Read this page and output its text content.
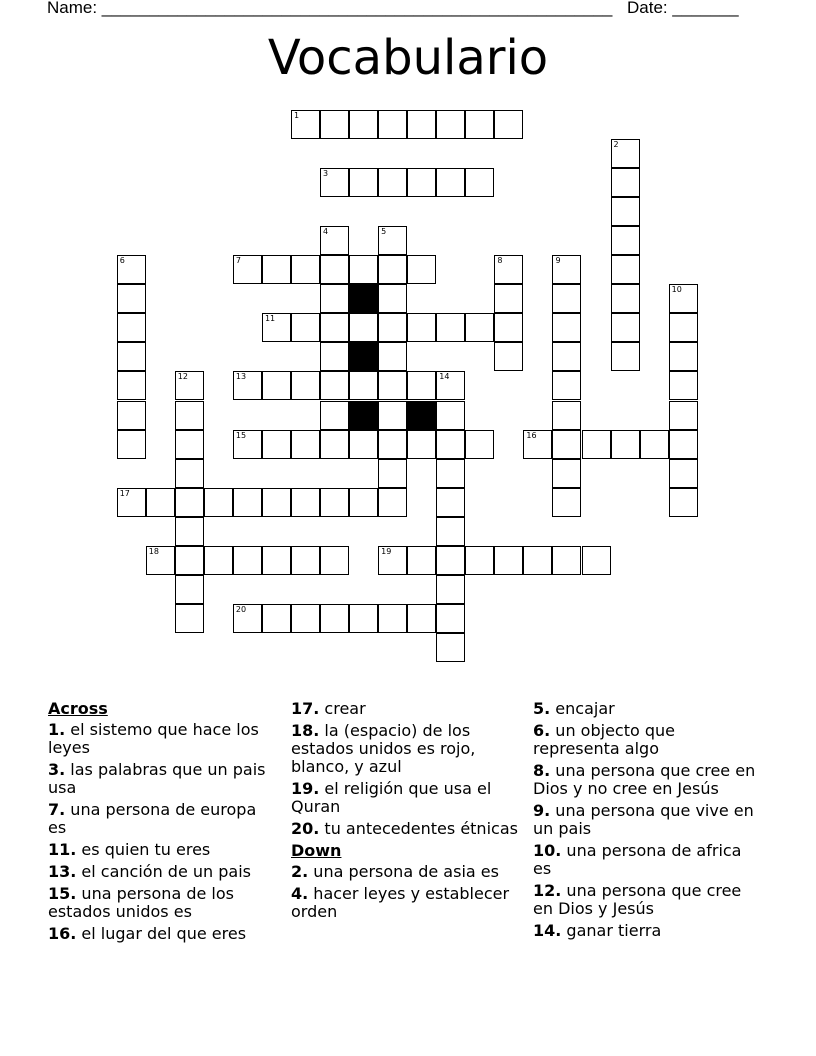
Name: ______________________________________________________ Date: _______
Vocabulario
1
2
3
4	5
6	7	8	9
10
11
12	13	14
15	16
17
18	19
20
Across
1. el sistemo que hace los leyes
3. las palabras que un pais usa
7. una persona de europa es
11. es quien tu eres
13. el canción de un pais
15. una persona de los estados unidos es
16. el lugar del que eres
17. crear
18. la (espacio) de los estados unidos es rojo, blanco, y azul
19. el religión que usa el Quran
20. tu antecedentes étnicas
Down
2. una persona de asia es
4. hacer leyes y establecer orden
5. encajar
6. un objecto que representa algo
8. una persona que cree en Dios y no cree en Jesús
9. una persona que vive en un pais
10. una persona de africa es
12. una persona que cree en Dios y Jesús
14. ganar tierra
